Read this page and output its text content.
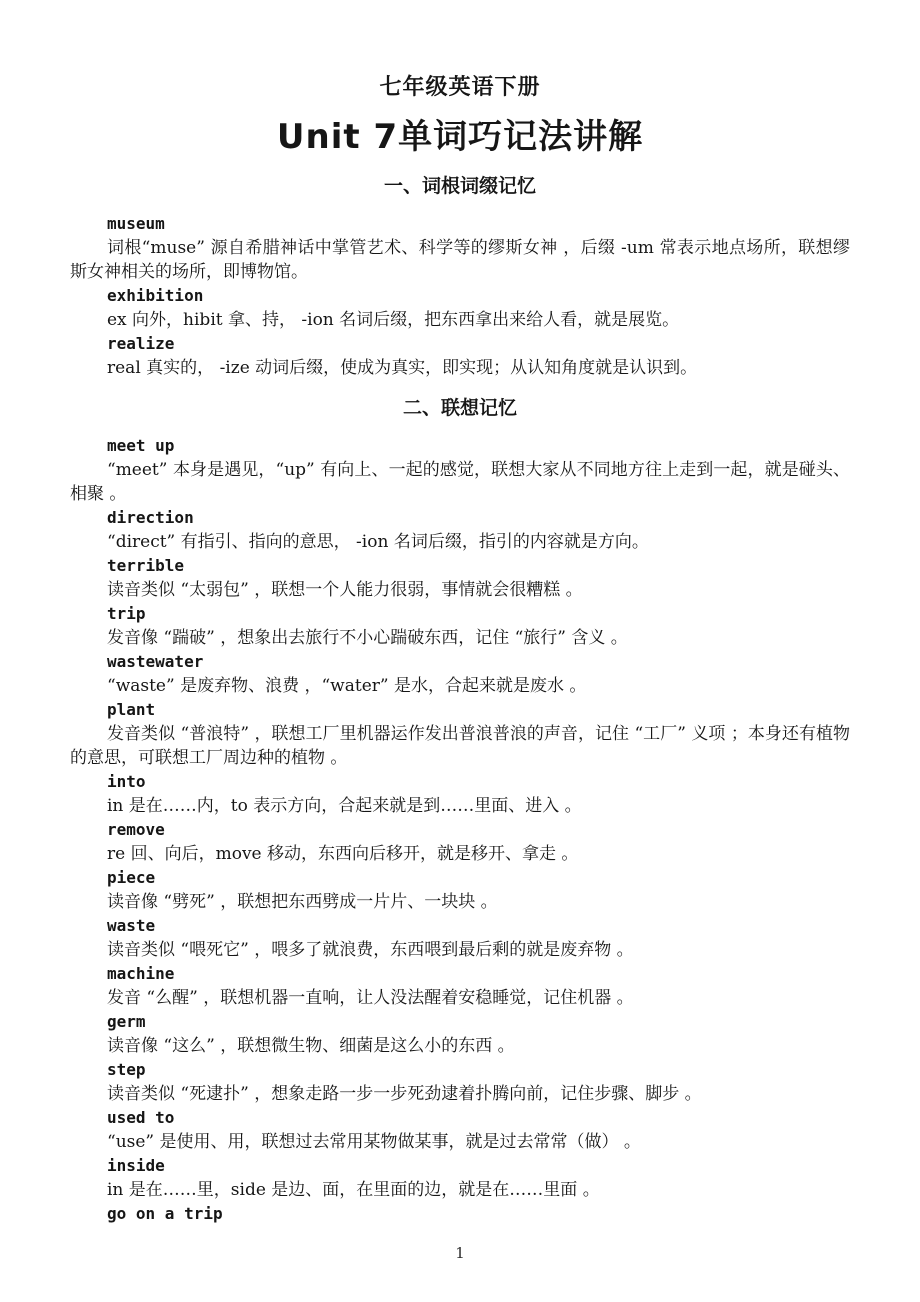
七年级英语下册
Unit 7单词巧记法讲解
一、词根词缀记忆
museum

词根“muse” 源自希腊神话中掌管艺术、科学等的缪斯女神 ，后缀 -um 常表示地点场所，联想缪斯女神相关的场所，即博物馆。

exhibition

ex 向外，hibit 拿、持， -ion 名词后缀，把东西拿出来给人看，就是展览。

realize

real 真实的， -ize 动词后缀，使成为真实，即实现；从认知角度就是认识到。

二、联想记忆
meet up

“meet” 本身是遇见，“up” 有向上、一起的感觉，联想大家从不同地方往上走到一起，就是碰头、相聚 。

direction

“direct” 有指引、指向的意思， -ion 名词后缀，指引的内容就是方向。

terrible

读音类似 “太弱包” ，联想一个人能力很弱，事情就会很糟糕 。

trip

发音像 “踹破” ，想象出去旅行不小心踹破东西，记住 “旅行” 含义 。

wastewater

“waste” 是废弃物、浪费 ，“water” 是水，合起来就是废水 。

plant

发音类似 “普浪特” ，联想工厂里机器运作发出普浪普浪的声音，记住 “工厂” 义项 ；本身还有植物的意思，可联想工厂周边种的植物 。

into

in 是在……内，to 表示方向，合起来就是到……里面、进入 。

remove

re 回、向后，move 移动，东西向后移开，就是移开、拿走 。

piece

读音像 “劈死” ，联想把东西劈成一片片、一块块 。

waste

读音类似 “喂死它” ，喂多了就浪费，东西喂到最后剩的就是废弃物 。

machine

发音 “么醒” ，联想机器一直响，让人没法醒着安稳睡觉，记住机器 。

germ

读音像 “这么” ，联想微生物、细菌是这么小的东西 。

step

读音类似 “死逮扑” ，想象走路一步一步死劲逮着扑腾向前，记住步骤、脚步 。

used to

“use” 是使用、用，联想过去常用某物做某事，就是过去常常（做） 。

inside

in 是在……里，side 是边、面，在里面的边，就是在……里面 。

go on a trip
1
